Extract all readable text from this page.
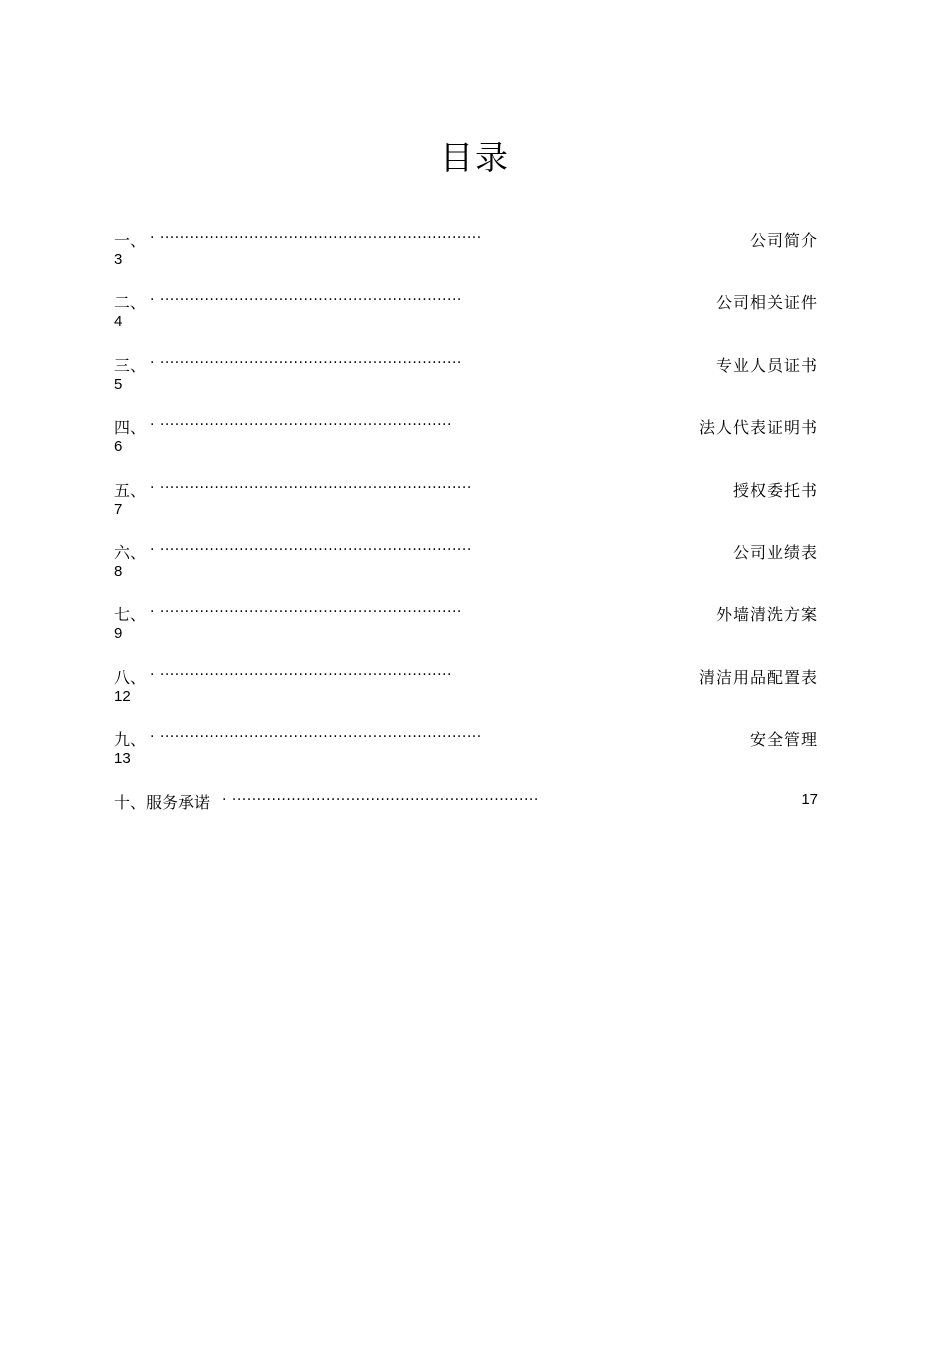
目录
一、 . .................................................................	公司简介
3
二、 . .............................................................	公司相关证件
4
三、 . .............................................................	专业人员证书
5
四、 . ...........................................................	法人代表证明书
6
五、 . ...............................................................	授权委托书
7
六、 . ...............................................................	公司业绩表
8
七、 . .............................................................	外墙清洗方案
9
八、 . ...........................................................	清洁用品配置表
12
九、 . .................................................................	安全管理
13
十、服务承诺 . ..............................................................	17
